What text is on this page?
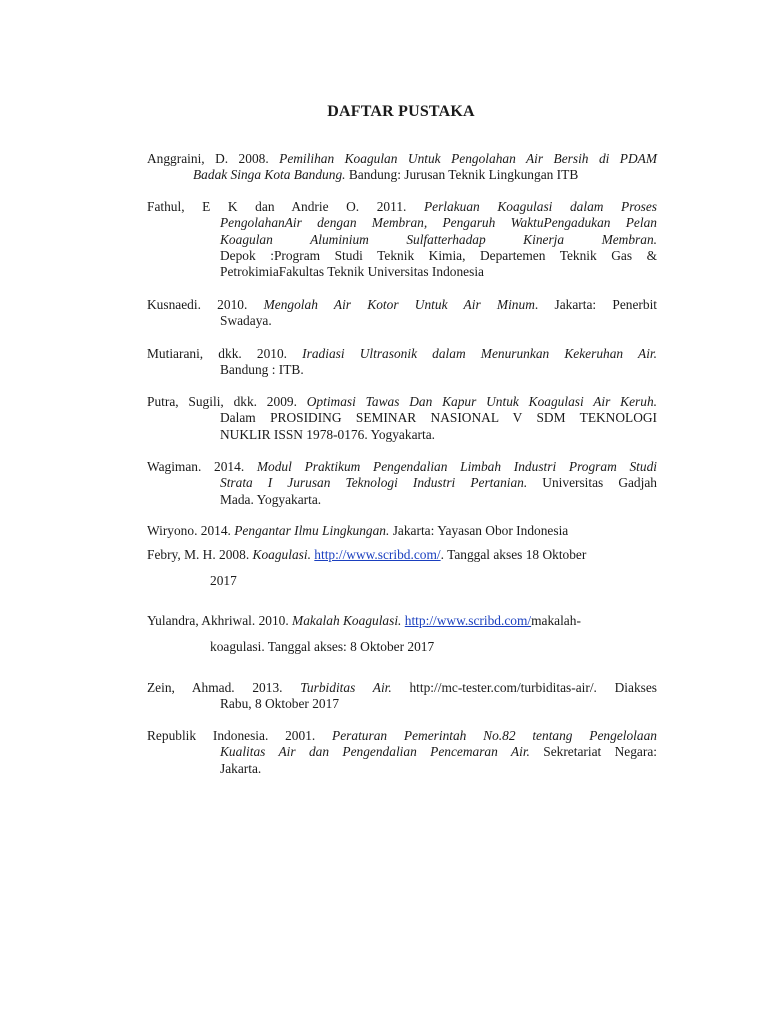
DAFTAR PUSTAKA
Anggraini, D. 2008. Pemilihan Koagulan Untuk Pengolahan Air Bersih di PDAM
Badak Singa Kota Bandung. Bandung: Jurusan Teknik Lingkungan ITB
Fathul, E K dan Andrie O. 2011. Perlakuan Koagulasi dalam Proses
PengolahanAir dengan Membran, Pengaruh WaktuPengadukan Pelan
Koagulan Aluminium Sulfatterhadap Kinerja Membran.
Depok :Program Studi Teknik Kimia, Departemen Teknik Gas &
PetrokimiaFakultas Teknik Universitas Indonesia
Kusnaedi. 2010. Mengolah Air Kotor Untuk Air Minum. Jakarta: Penerbit
Swadaya.
Mutiarani, dkk. 2010. Iradiasi Ultrasonik dalam Menurunkan Kekeruhan Air.
Bandung : ITB.
Putra, Sugili, dkk. 2009. Optimasi Tawas Dan Kapur Untuk Koagulasi Air Keruh.
Dalam PROSIDING SEMINAR NASIONAL V SDM TEKNOLOGI
NUKLIR ISSN 1978-0176. Yogyakarta.
Wagiman. 2014. Modul Praktikum Pengendalian Limbah Industri Program Studi
Strata I Jurusan Teknologi Industri Pertanian. Universitas Gadjah
Mada. Yogyakarta.
Wiryono. 2014. Pengantar Ilmu Lingkungan. Jakarta: Yayasan Obor Indonesia
Febry, M. H. 2008. Koagulasi. http://www.scribd.com/. Tanggal akses 18 Oktober
2017
Yulandra, Akhriwal. 2010. Makalah Koagulasi. http://www.scribd.com/makalah-
koagulasi. Tanggal akses: 8 Oktober 2017
Zein, Ahmad. 2013. Turbiditas Air. http://mc-tester.com/turbiditas-air/. Diakses
Rabu, 8 Oktober 2017
Republik Indonesia. 2001. Peraturan Pemerintah No.82 tentang Pengelolaan
Kualitas Air dan Pengendalian Pencemaran Air. Sekretariat Negara:
Jakarta.
